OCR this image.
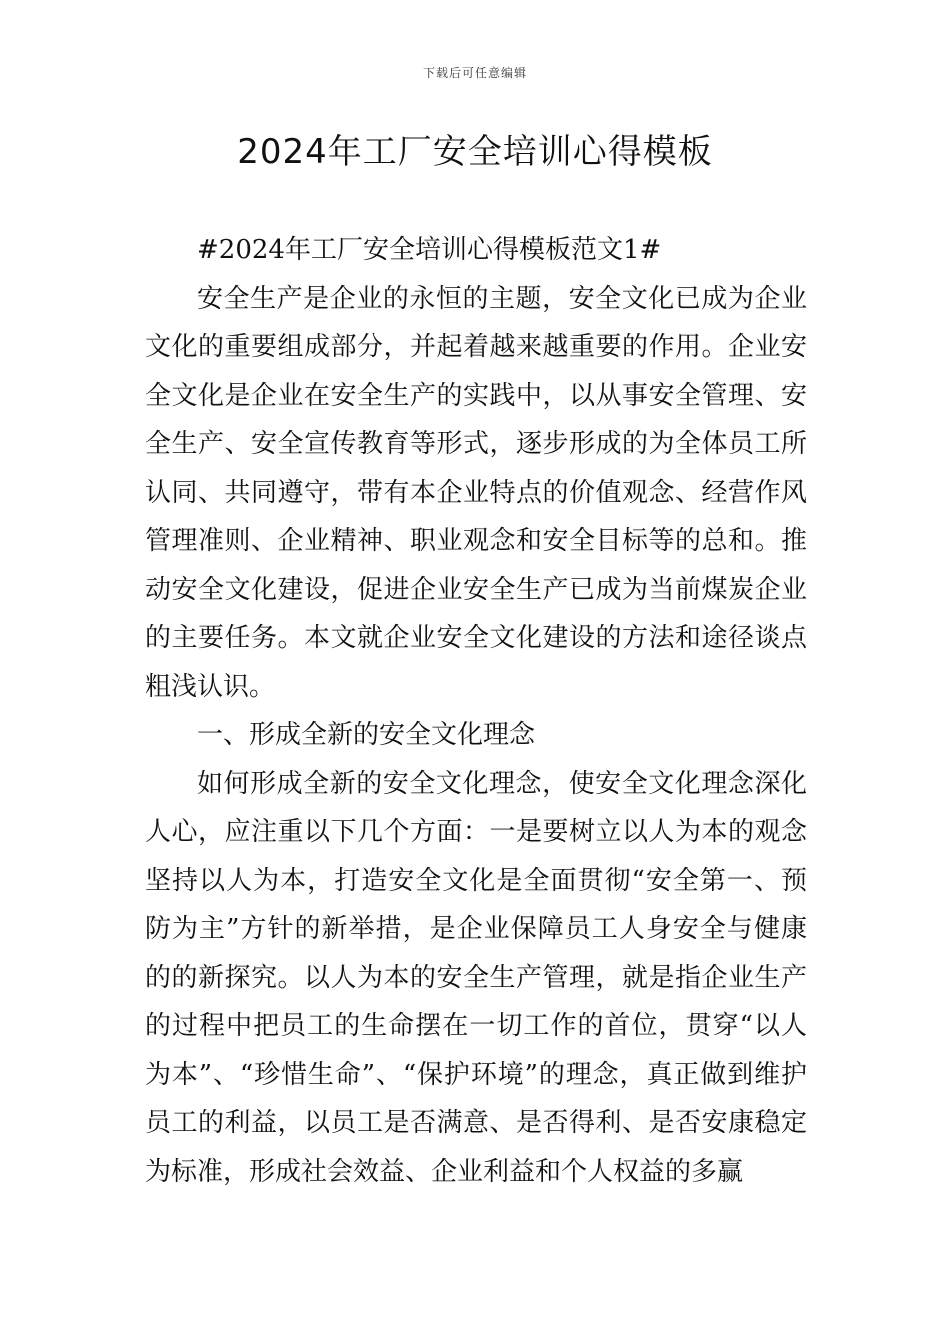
下载后可任意编辑
2024年工厂安全培训心得模板

#2024年工厂安全培训心得模板范文1#

安全生产是企业的永恒的主题，安全文化已成为企业文化的重要组成部分，并起着越来越重要的作用。企业安全文化是企业在安全生产的实践中，以从事安全管理、安全生产、安全宣传教育等形式，逐步形成的为全体员工所认同、共同遵守，带有本企业特点的价值观念、经营作风管理准则、企业精神、职业观念和安全目标等的总和。推动安全文化建设，促进企业安全生产已成为当前煤炭企业的主要任务。本文就企业安全文化建设的方法和途径谈点粗浅认识。

一、形成全新的安全文化理念

如何形成全新的安全文化理念，使安全文化理念深化人心，应注重以下几个方面：一是要树立以人为本的观念坚持以人为本，打造安全文化是全面贯彻“安全第一、预防为主”方针的新举措，是企业保障员工人身安全与健康的的新探究。以人为本的安全生产管理，就是指企业生产的过程中把员工的生命摆在一切工作的首位，贯穿“以人为本”、“珍惜生命”、“保护环境”的理念，真正做到维护员工的利益，以员工是否满意、是否得利、是否安康稳定为标准，形成社会效益、企业利益和个人权益的多赢
